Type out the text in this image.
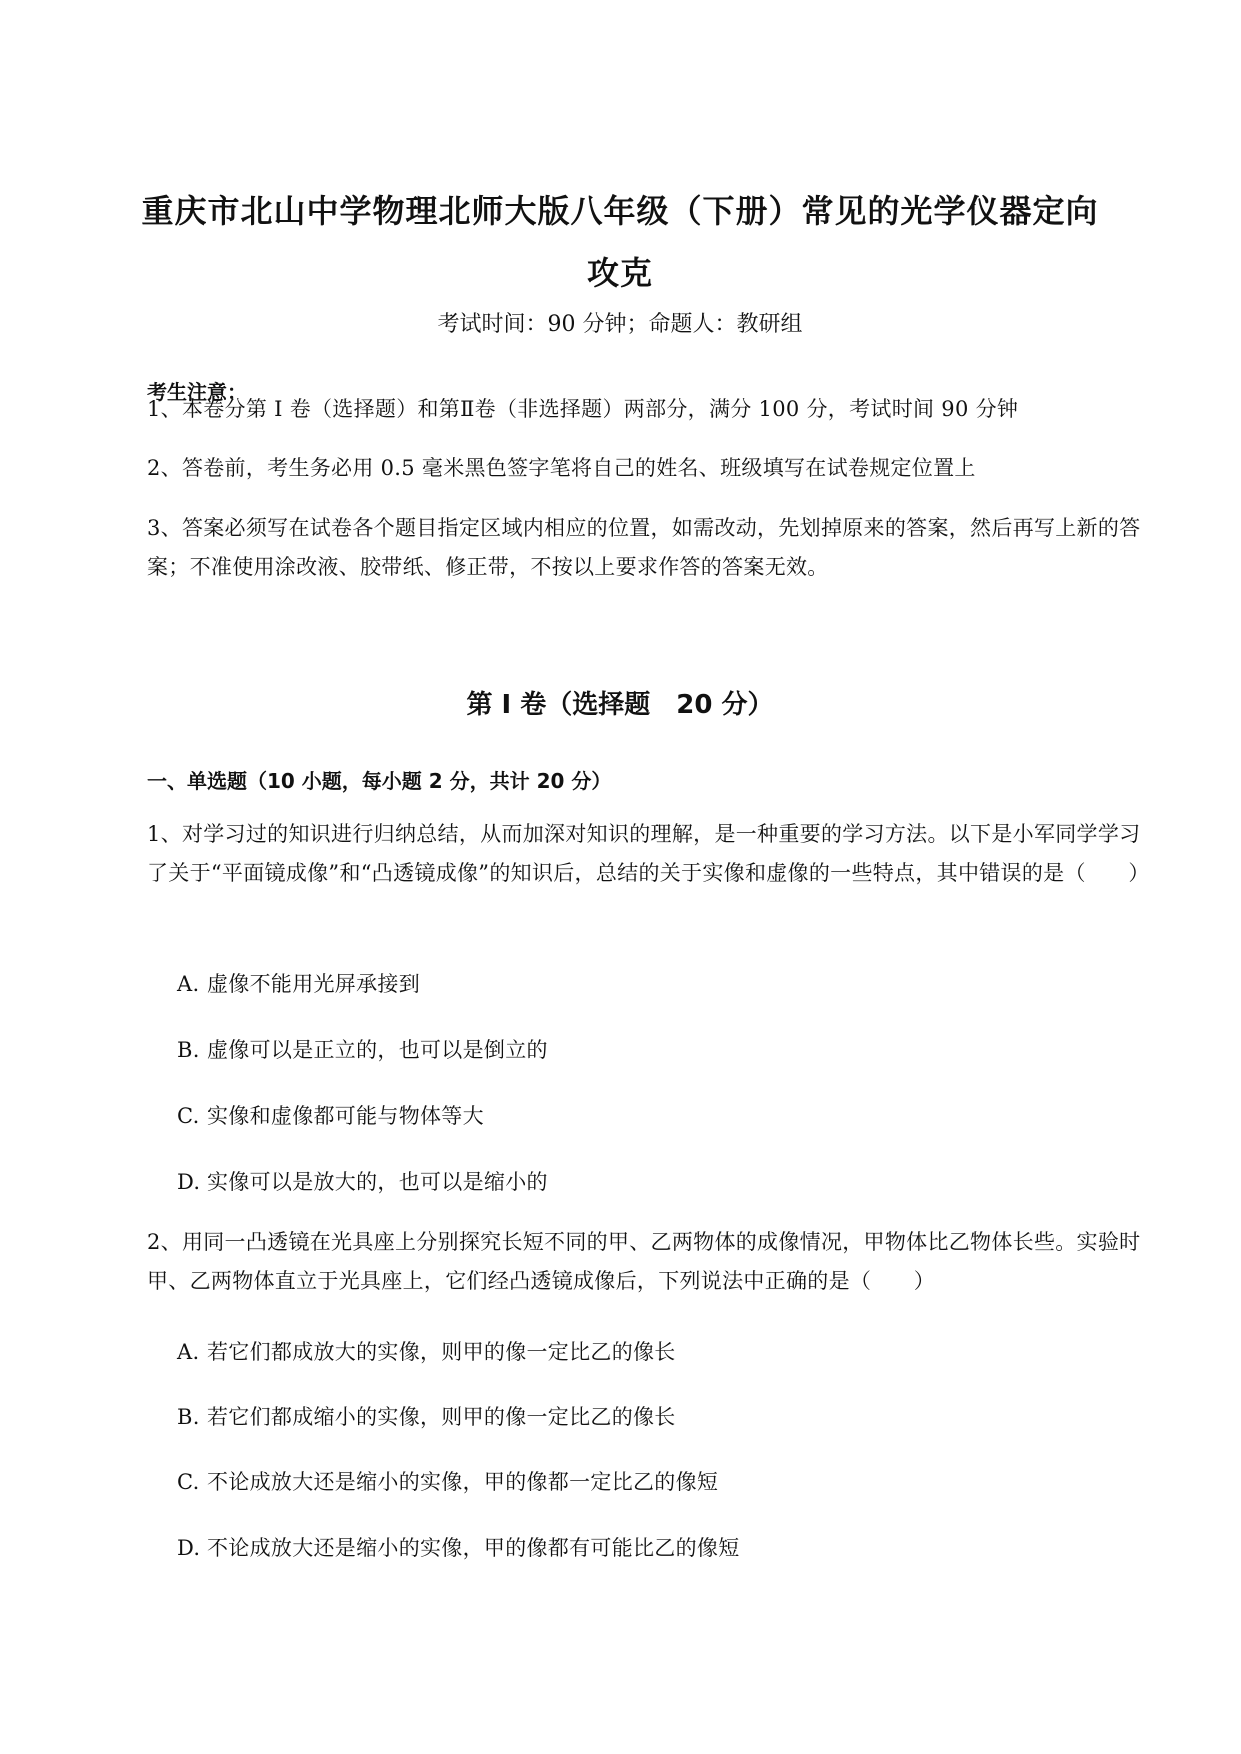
重庆市北山中学物理北师大版八年级（下册）常见的光学仪器定向攻克
考试时间：90 分钟；命题人：教研组
考生注意：
1、本卷分第 I 卷（选择题）和第Ⅱ卷（非选择题）两部分，满分 100 分，考试时间 90 分钟
2、答卷前，考生务必用 0.5 毫米黑色签字笔将自己的姓名、班级填写在试卷规定位置上
3、答案必须写在试卷各个题目指定区域内相应的位置，如需改动，先划掉原来的答案，然后再写上新的答案；不准使用涂改液、胶带纸、修正带，不按以上要求作答的答案无效。
第 I 卷（选择题　20 分）
一、单选题（10 小题，每小题 2 分，共计 20 分）
1、对学习过的知识进行归纳总结，从而加深对知识的理解，是一种重要的学习方法。以下是小军同学学习了关于“平面镜成像”和“凸透镜成像”的知识后，总结的关于实像和虚像的一些特点，其中错误的是（　　）
A. 虚像不能用光屏承接到
B. 虚像可以是正立的，也可以是倒立的
C. 实像和虚像都可能与物体等大
D. 实像可以是放大的，也可以是缩小的
2、用同一凸透镜在光具座上分别探究长短不同的甲、乙两物体的成像情况，甲物体比乙物体长些。实验时甲、乙两物体直立于光具座上，它们经凸透镜成像后，下列说法中正确的是（　　）
A. 若它们都成放大的实像，则甲的像一定比乙的像长
B. 若它们都成缩小的实像，则甲的像一定比乙的像长
C. 不论成放大还是缩小的实像，甲的像都一定比乙的像短
D. 不论成放大还是缩小的实像，甲的像都有可能比乙的像短
